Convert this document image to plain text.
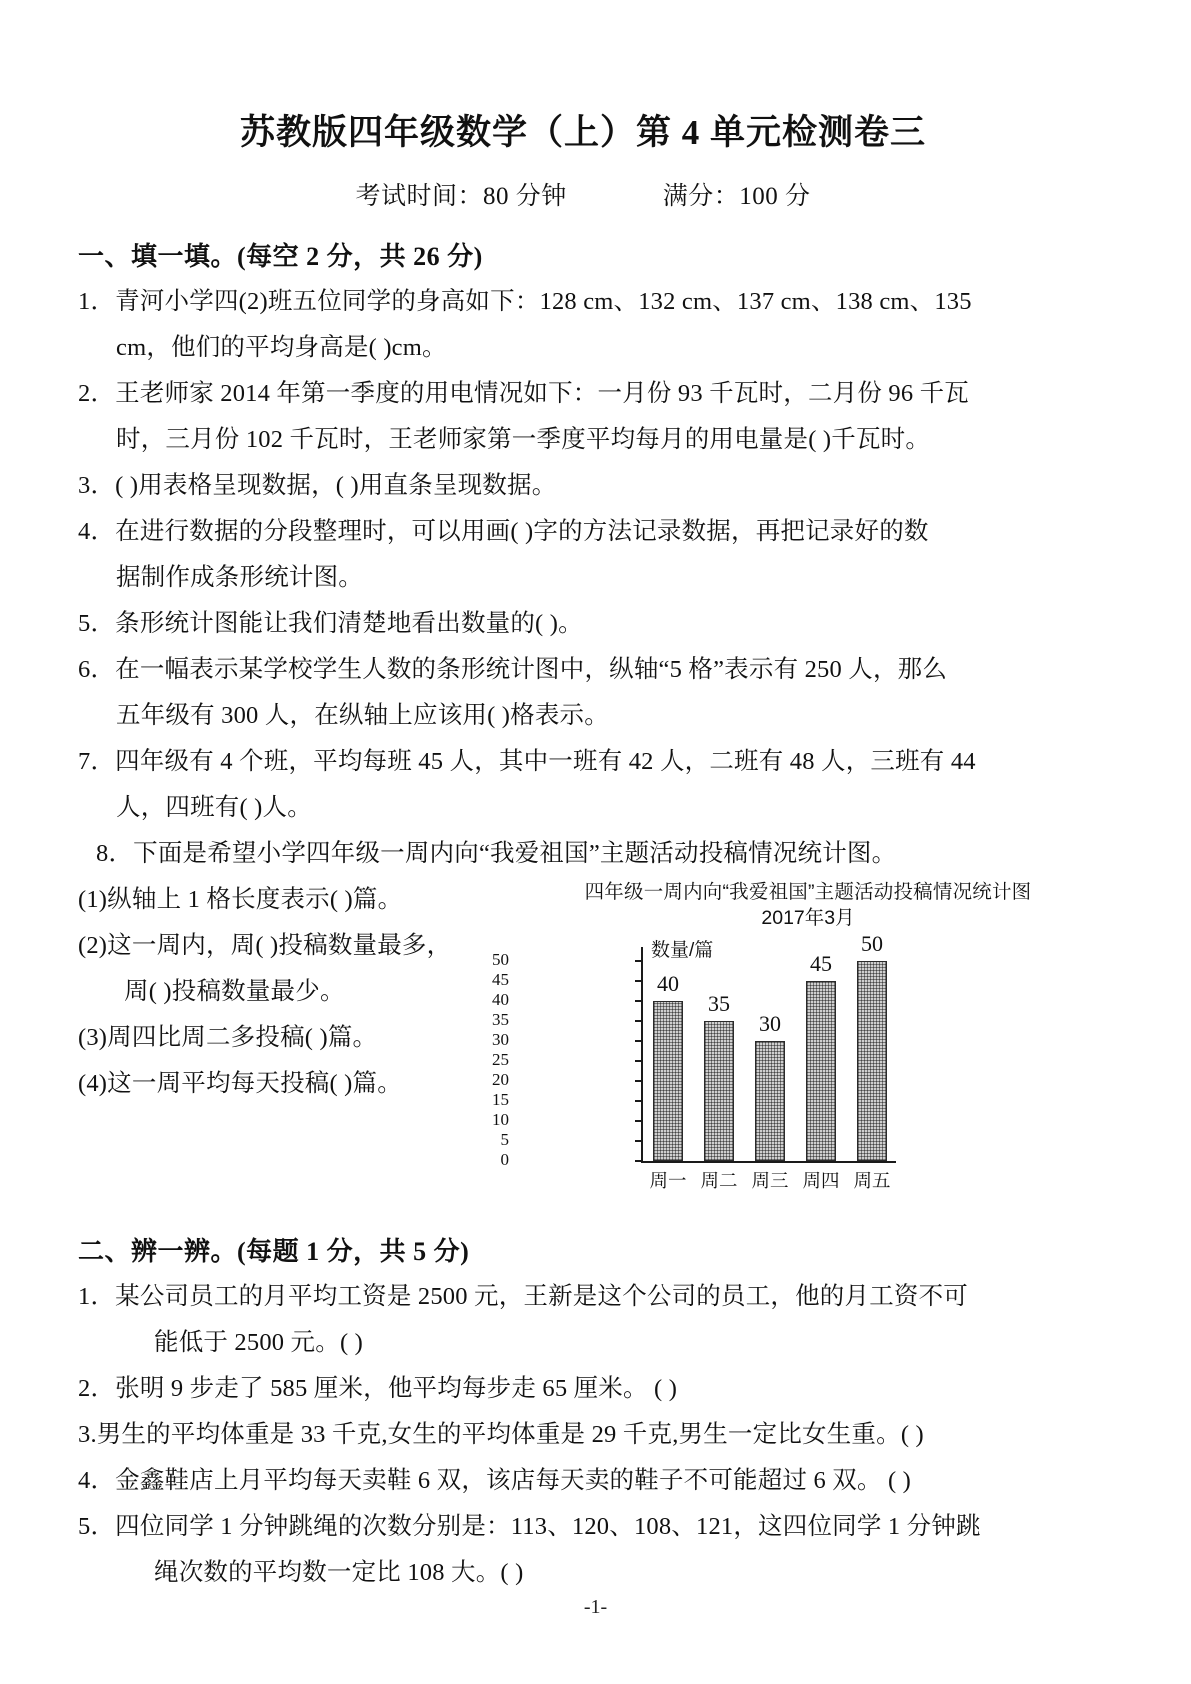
苏教版四年级数学（上）第 4 单元检测卷三
考试时间：80 分钟	满分：100 分
一、填一填。(每空 2 分，共 26 分)
1．青河小学四(2)班五位同学的身高如下：128 cm、132 cm、137 cm、138 cm、135
cm，他们的平均身高是( )cm。
2．王老师家 2014 年第一季度的用电情况如下：一月份 93 千瓦时，二月份 96 千瓦
时，三月份 102 千瓦时，王老师家第一季度平均每月的用电量是( )千瓦时。
3．( )用表格呈现数据，( )用直条呈现数据。
4．在进行数据的分段整理时，可以用画( )字的方法记录数据，再把记录好的数
据制作成条形统计图。
5．条形统计图能让我们清楚地看出数量的( )。
6．在一幅表示某学校学生人数的条形统计图中，纵轴“5 格”表示有 250 人，那么
五年级有 300 人，在纵轴上应该用( )格表示。
7．四年级有 4 个班，平均每班 45 人，其中一班有 42 人，二班有 48 人，三班有 44
人，四班有( )人。
8．下面是希望小学四年级一周内向“我爱祖国”主题活动投稿情况统计图。
(1)纵轴上 1 格长度表示( )篇。
(2)这一周内，周( )投稿数量最多，
周( )投稿数量最少。
(3)周四比周二多投稿( )篇。
(4)这一周平均每天投稿( )篇。
四年级一周内向“我爱祖国”主题活动投稿情况统计图
2017年3月
数量/篇
0
5
10
15
20
25
30
35
40
45
50
40
周一
35
周二
30
周三
45
周四
50
周五
二、辨一辨。(每题 1 分，共 5 分)
1．某公司员工的月平均工资是 2500 元，王新是这个公司的员工，他的月工资不可
能低于 2500 元。( )
2．张明 9 步走了 585 厘米，他平均每步走 65 厘米。 ( )
3.男生的平均体重是 33 千克,女生的平均体重是 29 千克,男生一定比女生重。( )
4．金鑫鞋店上月平均每天卖鞋 6 双，该店每天卖的鞋子不可能超过 6 双。 ( )
5．四位同学 1 分钟跳绳的次数分别是：113、120、108、121，这四位同学 1 分钟跳
绳次数的平均数一定比 108 大。( )
-1-
